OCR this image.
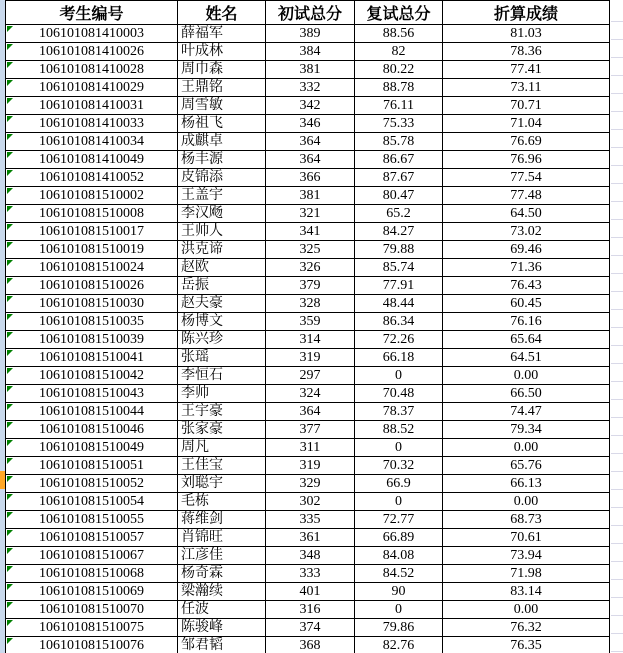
考生编号	姓名	初试总分	复试总分	折算成绩

106101081410003	薛福军	389	88.56	81.03

106101081410026	叶成林	384	82	78.36

106101081410028	周巾森	381	80.22	77.41

106101081410029	王鼎铭	332	88.78	73.11

106101081410031	周雪敏	342	76.11	70.71

106101081410033	杨祖飞	346	75.33	71.04

106101081410034	成麒卓	364	85.78	76.69

106101081410049	杨丰源	364	86.67	76.96

106101081410052	皮锦添	366	87.67	77.54

106101081510002	王盖宇	381	80.47	77.48

106101081510008	李汉飏	321	65.2	64.50

106101081510017	王帅人	341	84.27	73.02

106101081510019	洪克谛	325	79.88	69.46

106101081510024	赵欧	326	85.74	71.36

106101081510026	岳振	379	77.91	76.43

106101081510030	赵夫豪	328	48.44	60.45

106101081510035	杨博文	359	86.34	76.16

106101081510039	陈兴珍	314	72.26	65.64

106101081510041	张瑶	319	66.18	64.51

106101081510042	李恒石	297	0	0.00

106101081510043	李帅	324	70.48	66.50

106101081510044	王宇豪	364	78.37	74.47

106101081510046	张家豪	377	88.52	79.34

106101081510049	周凡	311	0	0.00

106101081510051	王佳宝	319	70.32	65.76

106101081510052	刘聪宇	329	66.9	66.13

106101081510054	毛栋	302	0	0.00

106101081510055	蒋维剑	335	72.77	68.73

106101081510057	肖锦旺	361	66.89	70.61

106101081510067	江彦佳	348	84.08	73.94

106101081510068	杨奇霖	333	84.52	71.98

106101081510069	梁瀚续	401	90	83.14

106101081510070	任波	316	0	0.00

106101081510075	陈骏峰	374	79.86	76.32

106101081510076	邹君韬	368	82.76	76.35
